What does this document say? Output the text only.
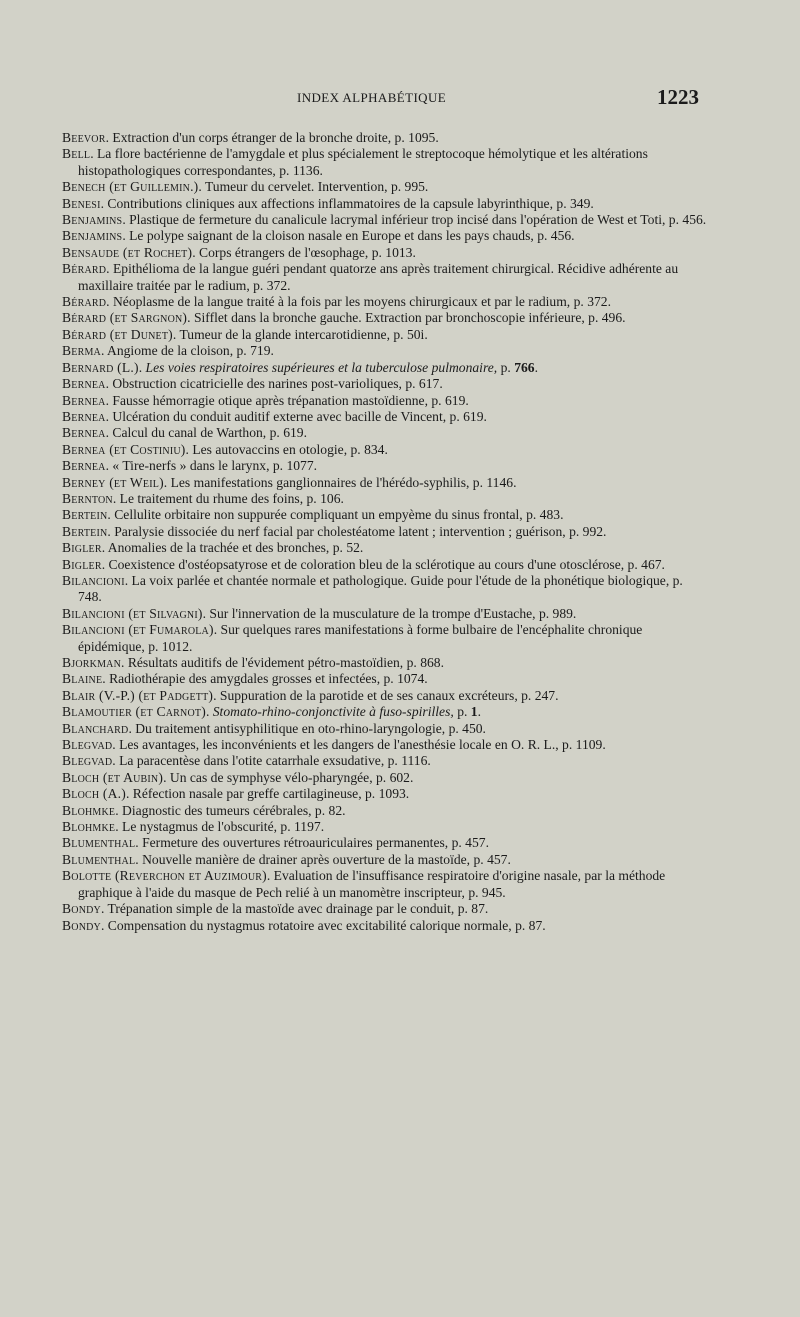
INDEX ALPHABÉTIQUE	1223
Beevor. Extraction d'un corps étranger de la bronche droite, p. 1095.
Bell. La flore bactérienne de l'amygdale et plus spécialement le streptocoque hémolytique et les altérations histopathologiques correspondantes, p. 1136.
Benech (et Guillemin.). Tumeur du cervelet. Intervention, p. 995.
Benesi. Contributions cliniques aux affections inflammatoires de la capsule labyrinthique, p. 349.
Benjamins. Plastique de fermeture du canalicule lacrymal inférieur trop incisé dans l'opération de West et Toti, p. 456.
Benjamins. Le polype saignant de la cloison nasale en Europe et dans les pays chauds, p. 456.
Bensaude (et Rochet). Corps étrangers de l'œsophage, p. 1013.
Bérard. Epithélioma de la langue guéri pendant quatorze ans après traitement chirurgical. Récidive adhérente au maxillaire traitée par le radium, p. 372.
Bérard. Néoplasme de la langue traité à la fois par les moyens chirurgicaux et par le radium, p. 372.
Bérard (et Sargnon). Sifflet dans la bronche gauche. Extraction par bronchoscopie inférieure, p. 496.
Bérard (et Dunet). Tumeur de la glande intercarotidienne, p. 50i.
Berma. Angiome de la cloison, p. 719.
Bernard (L.). Les voies respiratoires supérieures et la tuberculose pulmonaire, p. 766.
Bernea. Obstruction cicatricielle des narines post-varioliques, p. 617.
Bernea. Fausse hémorragie otique après trépanation mastoïdienne, p. 619.
Bernea. Ulcération du conduit auditif externe avec bacille de Vincent, p. 619.
Bernea. Calcul du canal de Warthon, p. 619.
Bernea (et Costiniu). Les autovaccins en otologie, p. 834.
Bernea. « Tire-nerfs » dans le larynx, p. 1077.
Berney (et Weil). Les manifestations ganglionnaires de l'hérédo-syphilis, p. 1146.
Bernton. Le traitement du rhume des foins, p. 106.
Bertein. Cellulite orbitaire non suppurée compliquant un empyème du sinus frontal, p. 483.
Bertein. Paralysie dissociée du nerf facial par cholestéatome latent ; intervention ; guérison, p. 992.
Bigler. Anomalies de la trachée et des bronches, p. 52.
Bigler. Coexistence d'ostéopsatyrose et de coloration bleu de la sclérotique au cours d'une otosclérose, p. 467.
Bilancioni. La voix parlée et chantée normale et pathologique. Guide pour l'étude de la phonétique biologique, p. 748.
Bilancioni (et Silvagni). Sur l'innervation de la musculature de la trompe d'Eustache, p. 989.
Bilancioni (et Fumarola). Sur quelques rares manifestations à forme bulbaire de l'encéphalite chronique épidémique, p. 1012.
Bjorkman. Résultats auditifs de l'évidement pétro-mastoïdien, p. 868.
Blaine. Radiothérapie des amygdales grosses et infectées, p. 1074.
Blair (V.-P.) (et Padgett). Suppuration de la parotide et de ses canaux excréteurs, p. 247.
Blamoutier (et Carnot). Stomato-rhino-conjonctivite à fuso-spirilles, p. 1.
Blanchard. Du traitement antisyphilitique en oto-rhino-laryngologie, p. 450.
Blegvad. Les avantages, les inconvénients et les dangers de l'anesthésie locale en O. R. L., p. 1109.
Blegvad. La paracentèse dans l'otite catarrhale exsudative, p. 1116.
Bloch (et Aubin). Un cas de symphyse vélo-pharyngée, p. 602.
Bloch (A.). Réfection nasale par greffe cartilagineuse, p. 1093.
Blohmke. Diagnostic des tumeurs cérébrales, p. 82.
Blohmke. Le nystagmus de l'obscurité, p. 1197.
Blumenthal. Fermeture des ouvertures rétroauriculaires permanentes, p. 457.
Blumenthal. Nouvelle manière de drainer après ouverture de la mastoïde, p. 457.
Bolotte (Reverchon et Auzimour). Evaluation de l'insuffisance respiratoire d'origine nasale, par la méthode graphique à l'aide du masque de Pech relié à un manomètre inscripteur, p. 945.
Bondy. Trépanation simple de la mastoïde avec drainage par le conduit, p. 87.
Bondy. Compensation du nystagmus rotatoire avec excitabilité calorique normale, p. 87.
